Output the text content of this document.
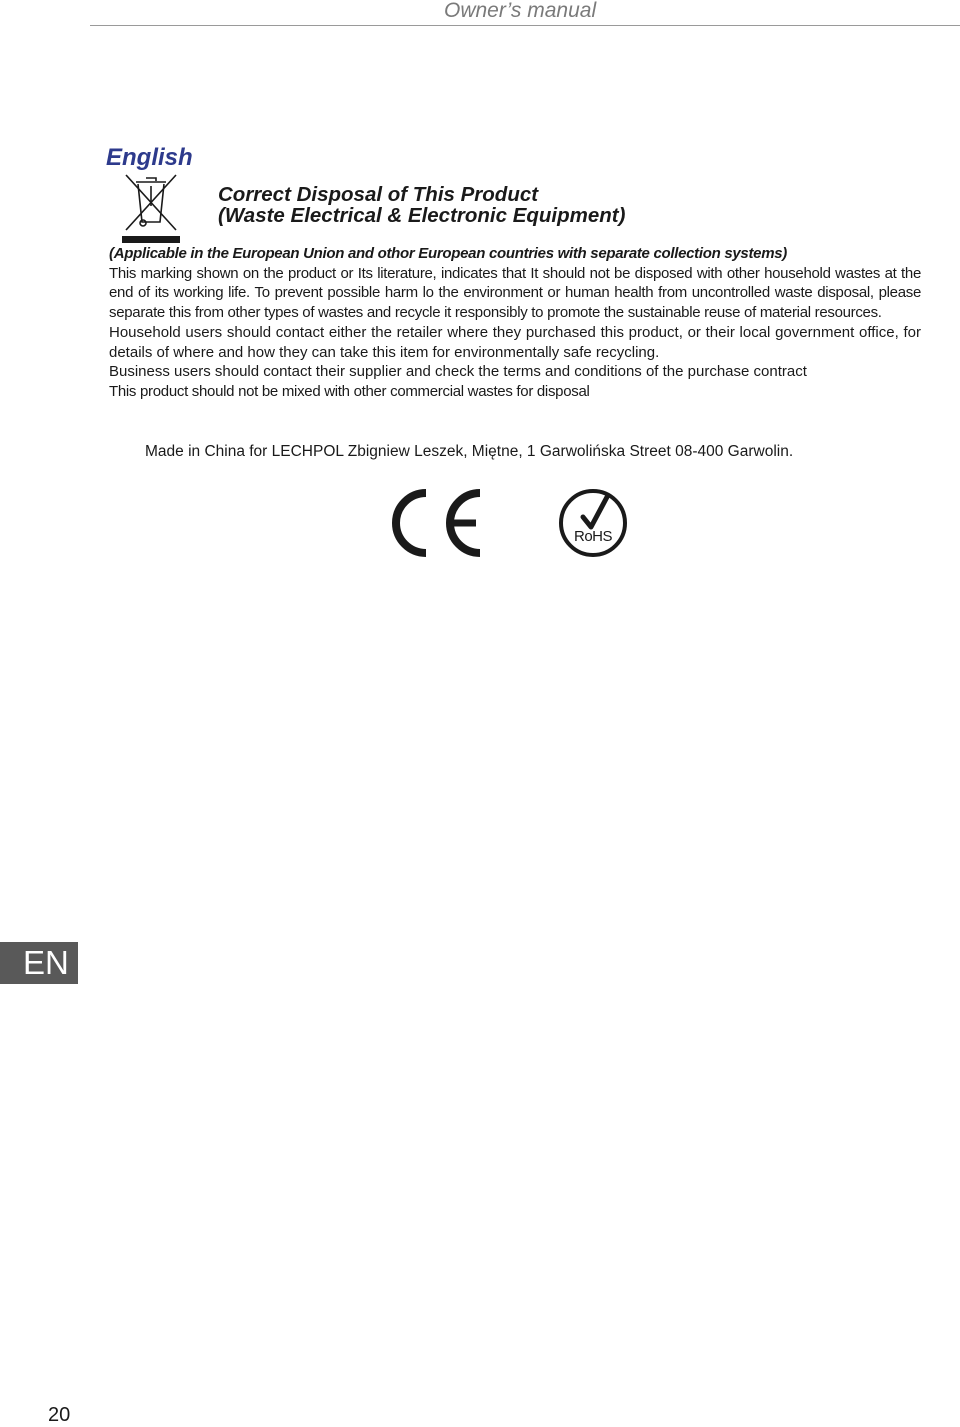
Owner’s manual
English
Correct Disposal of This Product
(Waste Electrical & Electronic Equipment)

(Applicable in the European Union and othor European countries with separate collection systems)

This marking shown on the product or Its literature, indicates that It should not be disposed with other household wastes at the end of its working life. To prevent possible harm lo the environment or human health from uncontrolled waste disposal, please separate this from other types of wastes and recycle it responsibly to promote the sustainable reuse of material resources.

Household users should contact either the retailer where they purchased this product, or their local government office, for details of where and how they can take this item for environmentally safe recycling.

Business users should contact their supplier and check the terms and conditions of the purchase contract

This product should not be mixed with other commercial wastes for disposal

Made in China for LECHPOL Zbigniew Leszek, Miętne, 1 Garwolińska Street 08-400 Garwolin.
RoHS
EN
20
